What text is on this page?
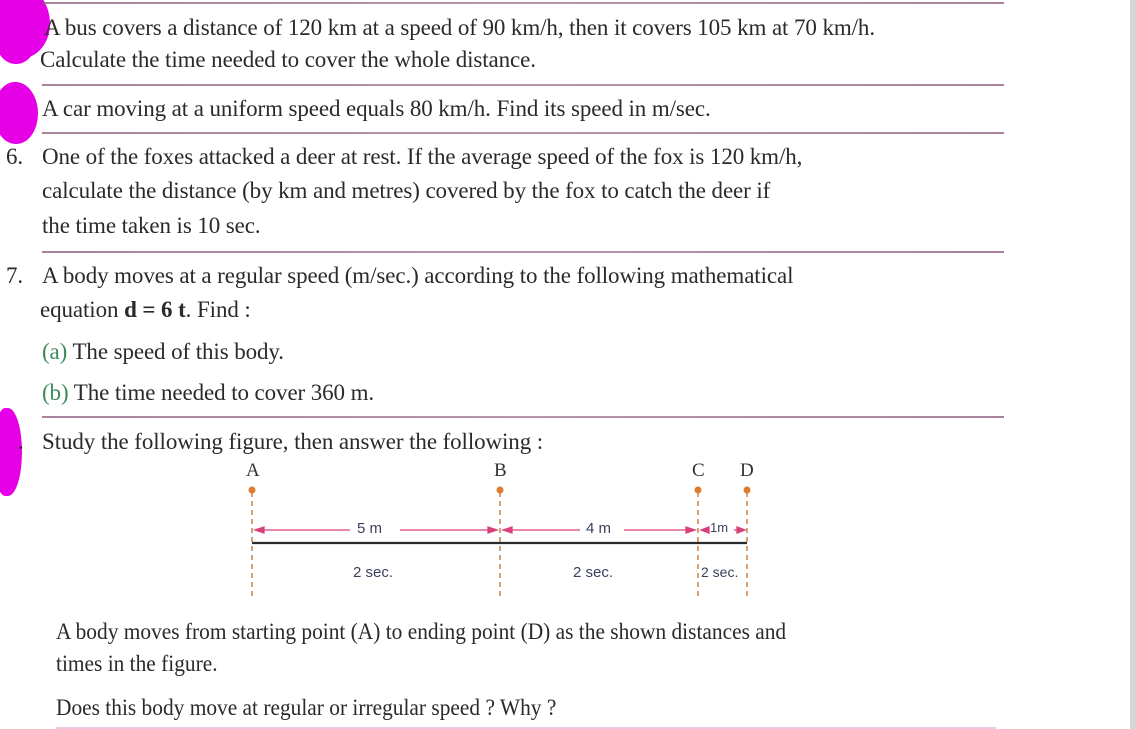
A bus covers a distance of 120 km at a speed of 90 km/h, then it covers 105 km at 70 km/h.
Calculate the time needed to cover the whole distance.
A car moving at a uniform speed equals 80 km/h. Find its speed in m/sec.
6. One of the foxes attacked a deer at rest. If the average speed of the fox is 120 km/h,
calculate the distance (by km and metres) covered by the fox to catch the deer if
the time taken is 10 sec.
7. A body moves at a regular speed (m/sec.) according to the following mathematical
equation d = 6 t. Find :
(a) The speed of this body.
(b) The time needed to cover 360 m.
. Study the following figure, then answer the following :
A	B	C D
5 m	4 m	1m
2 sec.	2 sec.	2 sec.
A body moves from starting point (A) to ending point (D) as the shown distances and
times in the figure.
Does this body move at regular or irregular speed ? Why ?
